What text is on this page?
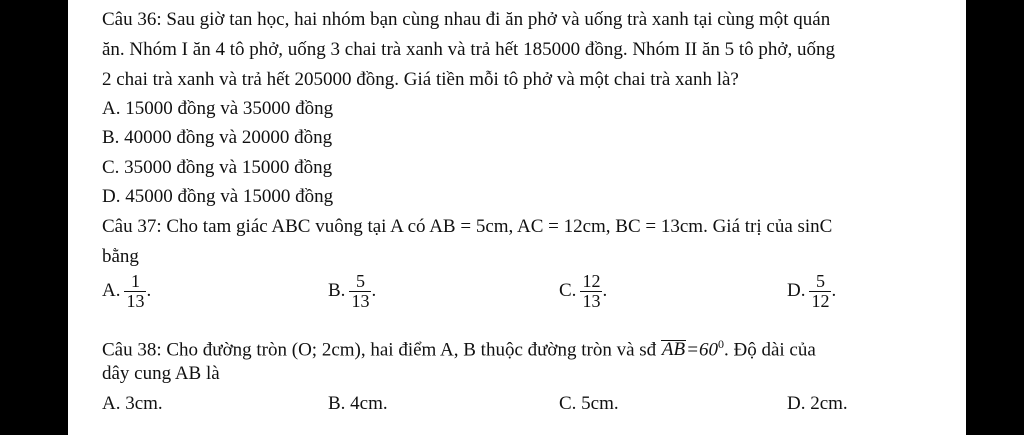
Câu 36: Sau giờ tan học, hai nhóm bạn cùng nhau đi ăn phở và uống trà xanh tại cùng một quán
ăn. Nhóm I ăn 4 tô phở, uống 3 chai trà xanh và trả hết 185000 đồng. Nhóm II ăn 5 tô phở, uống
2 chai trà xanh và trả hết 205000 đồng. Giá tiền mỗi tô phở và một chai trà xanh là?
A. 15000 đồng và 35000 đồng
B. 40000 đồng và 20000 đồng
C. 35000 đồng và 15000 đồng
D. 45000 đồng và 15000 đồng
Câu 37: Cho tam giác ABC vuông tại A có AB = 5cm, AC = 12cm, BC = 13cm. Giá trị của sinC
bằng
A. $\frac{1}{13}$ .	B. $\frac{5}{13}$ .	C. $\frac{12}{13}$ .	D. $\frac{5}{12}$ .
Câu 38: Cho đường tròn (O; 2cm), hai điểm A, B thuộc đường tròn và sđ $AB=60^0$. Độ dài của
dây cung AB là
A. 3cm.	B. 4cm.	C. 5cm.	D. 2cm.
